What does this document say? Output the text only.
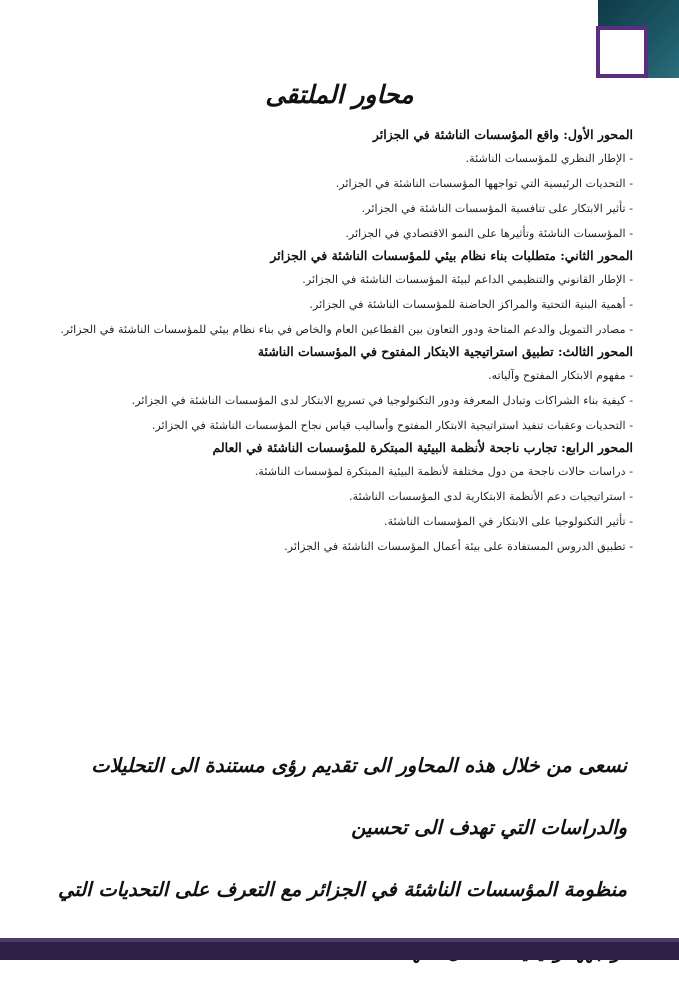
محاور الملتقى
المحور الأول: واقع المؤسسات الناشئة في الجزائر
- الإطار النظري للمؤسسات الناشئة.
- التحديات الرئيسية التي تواجهها المؤسسات الناشئة في الجزائر.
- تأثير الابتكار على تنافسية المؤسسات الناشئة في الجزائر.
- المؤسسات الناشئة وتأثيرها على النمو الاقتصادي في الجزائر.
المحور الثاني: متطلبات بناء نظام بيئي للمؤسسات الناشئة في الجزائر
- الإطار القانوني والتنظيمي الداعم لبيئة المؤسسات الناشئة في الجزائر.
- أهمية البنية التحتية والمراكز الحاضنة للمؤسسات الناشئة في الجزائر.
- مصادر التمويل والدعم المتاحة ودور التعاون بين القطاعين العام والخاص في بناء نظام بيئي للمؤسسات الناشئة في الجزائر.
المحور الثالث: تطبيق استراتيجية الابتكار المفتوح في المؤسسات الناشئة
- مفهوم الابتكار المفتوح وآلياته.
- كيفية بناء الشراكات وتبادل المعرفة ودور التكنولوجيا في تسريع الابتكار لدى المؤسسات الناشئة في الجزائر.
- التحديات وعقبات تنفيذ استراتيجية الابتكار المفتوح وأساليب قياس نجاح المؤسسات الناشئة في الجزائر.
المحور الرابع: تجارب ناجحة لأنظمة البيئية المبتكرة للمؤسسات الناشئة في العالم
- دراسات حالات ناجحة من دول مختلفة لأنظمة البيئية المبتكرة لمؤسسات الناشئة.
- استراتيجيات دعم الأنظمة الابتكارية لدى المؤسسات الناشئة.
- تأثير التكنولوجيا على الابتكار في المؤسسات الناشئة.
- تطبيق الدروس المستفادة على بيئة أعمال المؤسسات الناشئة في الجزائر.
نسعى من خلال هذه المحاور الى تقديم رؤى مستندة الى التحليلات والدراسات التي تهدف الى تحسين
منظومة المؤسسات الناشئة في الجزائر مع التعرف على التحديات التي
